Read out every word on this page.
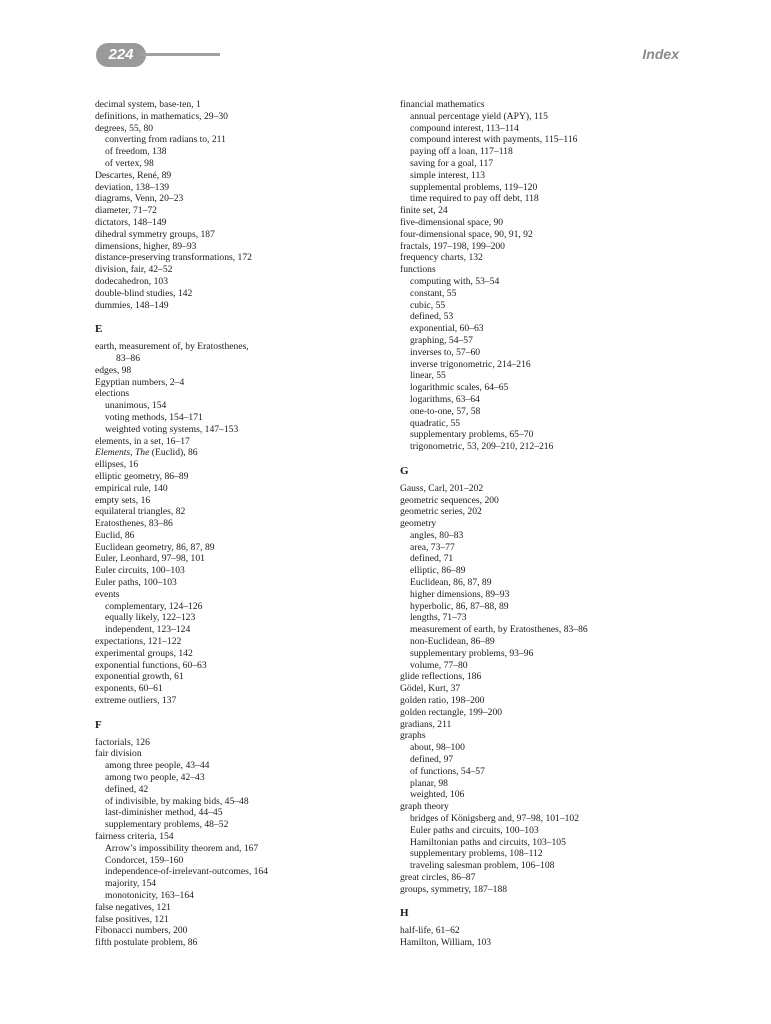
224	Index
decimal system, base-ten, 1
definitions, in mathematics, 29–30
degrees, 55, 80
converting from radians to, 211
of freedom, 138
of vertex, 98
Descartes, René, 89
deviation, 138–139
diagrams, Venn, 20–23
diameter, 71–72
dictators, 148–149
dihedral symmetry groups, 187
dimensions, higher, 89–93
distance-preserving transformations, 172
division, fair, 42–52
dodecahedron, 103
double-blind studies, 142
dummies, 148–149
E
earth, measurement of, by Eratosthenes,
83–86
edges, 98
Egyptian numbers, 2–4
elections
unanimous, 154
voting methods, 154–171
weighted voting systems, 147–153
elements, in a set, 16–17
Elements, The (Euclid), 86
ellipses, 16
elliptic geometry, 86–89
empirical rule, 140
empty sets, 16
equilateral triangles, 82
Eratosthenes, 83–86
Euclid, 86
Euclidean geometry, 86, 87, 89
Euler, Leonhard, 97–98, 101
Euler circuits, 100–103
Euler paths, 100–103
events
complementary, 124–126
equally likely, 122–123
independent, 123–124
expectations, 121–122
experimental groups, 142
exponential functions, 60–63
exponential growth, 61
exponents, 60–61
extreme outliers, 137
F
factorials, 126
fair division
among three people, 43–44
among two people, 42–43
defined, 42
of indivisible, by making bids, 45–48
last-diminisher method, 44–45
supplementary problems, 48–52
fairness criteria, 154
Arrow’s impossibility theorem and, 167
Condorcet, 159–160
independence-of-irrelevant-outcomes, 164
majority, 154
monotonicity, 163–164
false negatives, 121
false positives, 121
Fibonacci numbers, 200
fifth postulate problem, 86
financial mathematics
annual percentage yield (APY), 115
compound interest, 113–114
compound interest with payments, 115–116
paying off a loan, 117–118
saving for a goal, 117
simple interest, 113
supplemental problems, 119–120
time required to pay off debt, 118
finite set, 24
five-dimensional space, 90
four-dimensional space, 90, 91, 92
fractals, 197–198, 199–200
frequency charts, 132
functions
computing with, 53–54
constant, 55
cubic, 55
defined, 53
exponential, 60–63
graphing, 54–57
inverses to, 57–60
inverse trigonometric, 214–216
linear, 55
logarithmic scales, 64–65
logarithms, 63–64
one-to-one, 57, 58
quadratic, 55
supplementary problems, 65–70
trigonometric, 53, 209–210, 212–216
G
Gauss, Carl, 201–202
geometric sequences, 200
geometric series, 202
geometry
angles, 80–83
area, 73–77
defined, 71
elliptic, 86–89
Euclidean, 86, 87, 89
higher dimensions, 89–93
hyperbolic, 86, 87–88, 89
lengths, 71–73
measurement of earth, by Eratosthenes, 83–86
non-Euclidean, 86–89
supplementary problems, 93–96
volume, 77–80
glide reflections, 186
Gödel, Kurt, 37
golden ratio, 198–200
golden rectangle, 199–200
gradians, 211
graphs
about, 98–100
defined, 97
of functions, 54–57
planar, 98
weighted, 106
graph theory
bridges of Königsberg and, 97–98, 101–102
Euler paths and circuits, 100–103
Hamiltonian paths and circuits, 103–105
supplementary problems, 108–112
traveling salesman problem, 106–108
great circles, 86–87
groups, symmetry, 187–188
H
half-life, 61–62
Hamilton, William, 103
